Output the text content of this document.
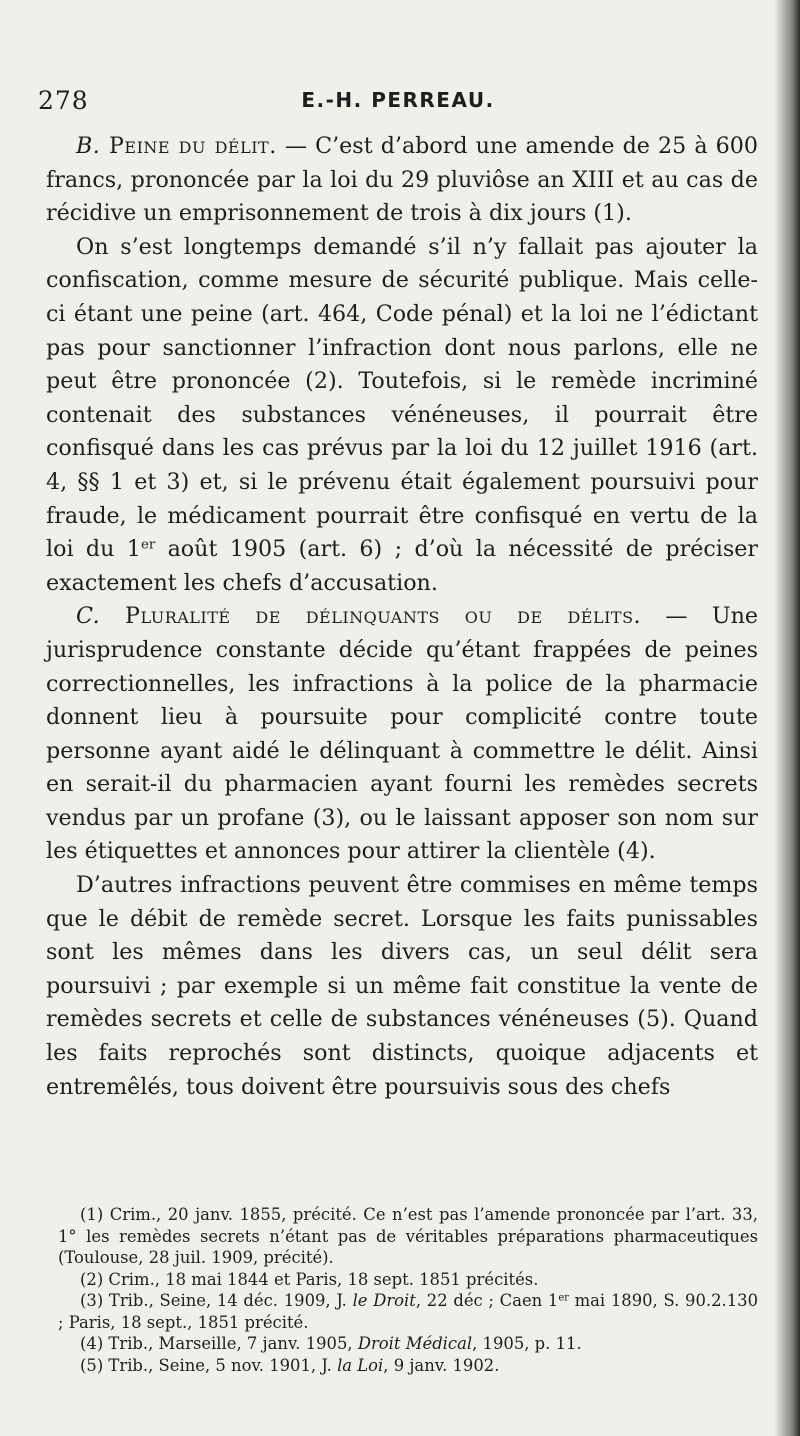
278	E.-H. PERREAU.

B. Peine du délit. — C’est d’abord une amende de 25 à 600 francs, prononcée par la loi du 29 pluviôse an XIII et au cas de récidive un emprisonnement de trois à dix jours (1).

On s’est longtemps demandé s’il n’y fallait pas ajouter la confiscation, comme mesure de sécurité publique. Mais celle-ci étant une peine (art. 464, Code pénal) et la loi ne l’édictant pas pour sanctionner l’infraction dont nous parlons, elle ne peut être prononcée (2). Toutefois, si le remède incriminé contenait des substances vénéneuses, il pourrait être confisqué dans les cas prévus par la loi du 12 juillet 1916 (art. 4, §§ 1 et 3) et, si le prévenu était également poursuivi pour fraude, le médicament pourrait être confisqué en vertu de la loi du 1er août 1905 (art. 6) ; d’où la nécessité de préciser exactement les chefs d’accusation.

C. Pluralité de délinquants ou de délits. — Une jurisprudence constante décide qu’étant frappées de peines correctionnelles, les infractions à la police de la pharmacie donnent lieu à poursuite pour complicité contre toute personne ayant aidé le délinquant à commettre le délit. Ainsi en serait-il du pharmacien ayant fourni les remèdes secrets vendus par un profane (3), ou le laissant apposer son nom sur les étiquettes et annonces pour attirer la clientèle (4).

D’autres infractions peuvent être commises en même temps que le débit de remède secret. Lorsque les faits punissables sont les mêmes dans les divers cas, un seul délit sera poursuivi ; par exemple si un même fait constitue la vente de remèdes secrets et celle de substances vénéneuses (5). Quand les faits reprochés sont distincts, quoique adjacents et entremêlés, tous doivent être poursuivis sous des chefs

(1) Crim., 20 janv. 1855, précité. Ce n’est pas l’amende prononcée par l’art. 33, 1° les remèdes secrets n’étant pas de véritables préparations pharmaceutiques (Toulouse, 28 juil. 1909, précité).

(2) Crim., 18 mai 1844 et Paris, 18 sept. 1851 précités.

(3) Trib., Seine, 14 déc. 1909, J. le Droit, 22 déc ; Caen 1er mai 1890, S. 90.2.130 ; Paris, 18 sept., 1851 précité.

(4) Trib., Marseille, 7 janv. 1905, Droit Médical, 1905, p. 11.

(5) Trib., Seine, 5 nov. 1901, J. la Loi, 9 janv. 1902.
